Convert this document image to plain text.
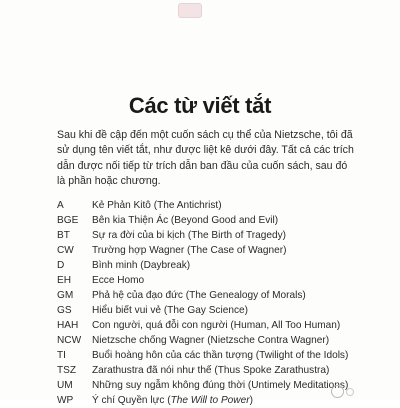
Các từ viết tắt

Sau khi đề cập đến một cuốn sách cụ thể của Nietzsche, tôi đã sử dụng tên viết tắt, như được liệt kê dưới đây. Tất cả các trích dẫn được nối tiếp từ trích dẫn ban đầu của cuốn sách, sau đó là phần hoặc chương.

A	Kẻ Phản Kitô (The Antichrist)
BGE	Bên kia Thiện Ác (Beyond Good and Evil)
BT	Sự ra đời của bi kịch (The Birth of Tragedy)
CW	Trường hợp Wagner (The Case of Wagner)
D	Bình minh (Daybreak)
EH	Ecce Homo
GM	Phả hệ của đạo đức (The Genealogy of Morals)
GS	Hiểu biết vui vẻ (The Gay Science)
HAH	Con người, quá đỗi con người (Human, All Too Human)
NCW	Nietzsche chống Wagner (Nietzsche Contra Wagner)
TI	Buổi hoàng hôn của các thần tượng (Twilight of the Idols)
TSZ	Zarathustra đã nói như thế (Thus Spoke Zarathustra)
UM	Những suy ngẫm không đúng thời (Untimely Meditations)
WP	Ý chí Quyền lực (The Will to Power)
